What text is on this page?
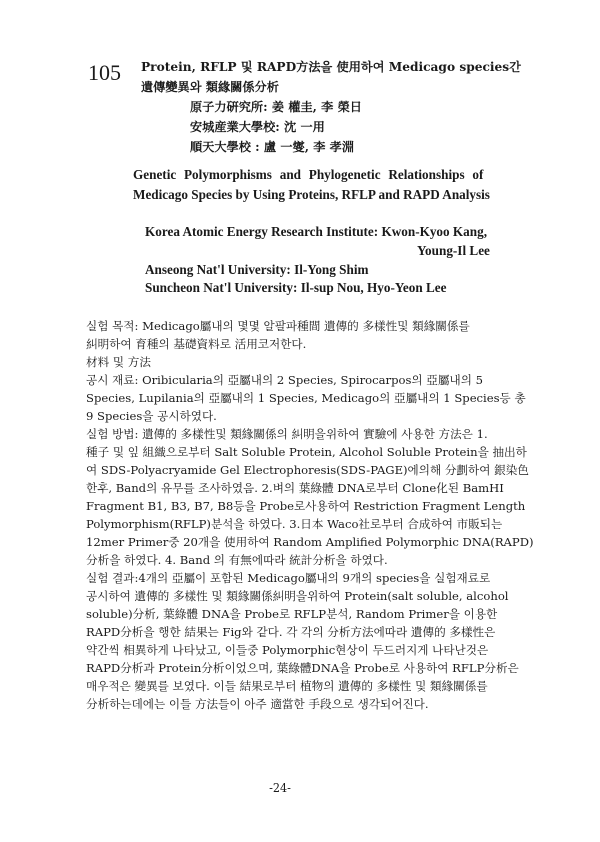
105 Protein, RFLP 및 RAPD方法을 使用하여 Medicago species간
遺傳變異와 類緣關係分析
原子力硏究所: 姜 權圭, 李 榮日
安城産業大學校: 沈 一用
順天大學校 : 盧 一燮, 李 孝淵
Genetic Polymorphisms and Phylogenetic Relationships of
Medicago Species by Using Proteins, RFLP and RAPD Analysis
Korea Atomic Energy Research Institute: Kwon-Kyoo Kang,
Young-Il Lee
Anseong Nat'l University: Il-Yong Shim
Suncheon Nat'l University: Il-sup Nou, Hyo-Yeon Lee
실험 목적: Medicago屬내의 몇몇 알팔파種間 遺傳的 多樣性및 類緣關係를
糾明하여 育種의 基礎資料로 活用코저한다.
材料 및 方法
공시 재료: Oribicularia의 亞屬내의 2 Species, Spirocarpos의 亞屬내의 5
Species, Lupilania의 亞屬내의 1 Species, Medicago의 亞屬내의 1 Species등 총
9 Species을 공시하였다.
실험 방법: 遺傳的 多樣性및 類緣關係의 糾明을위하여 實驗에 사용한 方法은 1.
種子 및 잎 組織으로부터 Salt Soluble Protein, Alcohol Soluble Protein을 抽出하
여 SDS-Polyacryamide Gel Electrophoresis(SDS-PAGE)에의해 分劃하여 銀染色
한후, Band의 유무를 조사하였음. 2.벼의 葉綠體 DNA로부터 Clone化된 BamHI
Fragment B1, B3, B7, B8등을 Probe로사용하여 Restriction Fragment Length
Polymorphism(RFLP)분석을 하였다. 3.日本 Waco社로부터 合成하여 市販되는
12mer Primer중 20개을 使用하여 Random Amplified Polymorphic DNA(RAPD)
分析을 하였다. 4. Band 의 有無에따라 統計分析을 하였다.
실험 결과:4개의 亞屬이 포함된 Medicago屬내의 9개의 species을 실험재료로
공시하여 遺傳的 多樣性 및 類緣關係糾明을위하여 Protein(salt soluble, alcohol
soluble)分析, 葉綠體 DNA을 Probe로 RFLP분석, Random Primer을 이용한
RAPD分析을 행한 結果는 Fig와 같다. 각 각의 分析方法에따라 遺傳的 多樣性은
약간씩 相異하게 나타났고, 이들중 Polymorphic현상이 두드러지게 나타난것은
RAPD分析과 Protein分析이었으며, 葉綠體DNA을 Probe로 사용하여 RFLP分析은
매우적은 變異를 보였다. 이들 結果로부터 植物의 遺傳的 多樣性 및 類緣關係를
分析하는데에는 이들 方法들이 아주 適當한 手段으로 생각되어진다.
-24-
